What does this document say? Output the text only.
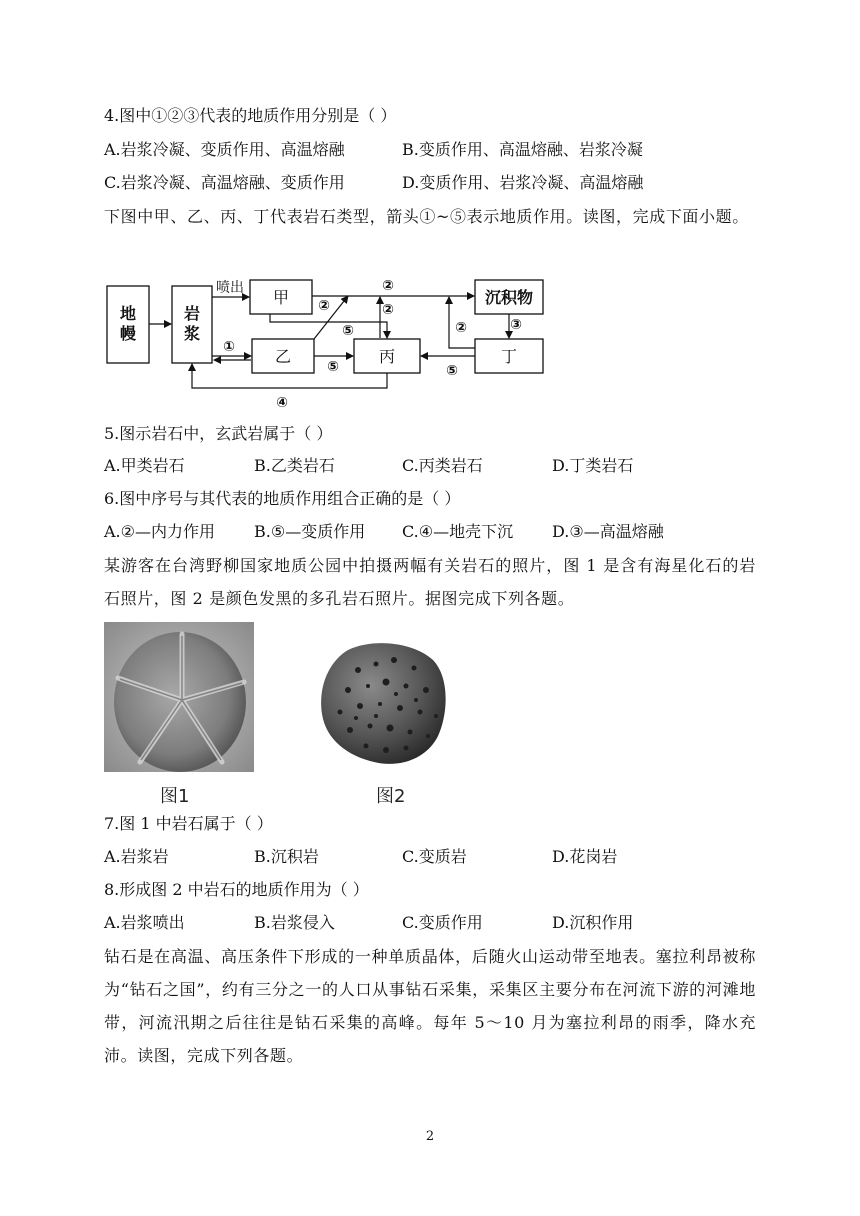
4.图中①②③代表的地质作用分别是（ ）
A.岩浆冷凝、变质作用、高温熔融	B.变质作用、高温熔融、岩浆冷凝
C.岩浆冷凝、高温熔融、变质作用	D.变质作用、岩浆冷凝、高温熔融
下图中甲、乙、丙、丁代表岩石类型，箭头①~⑤表示地质作用。读图，完成下面小题。
地
幔
岩
浆
甲
乙	丙	丁
沉积物
喷出
①
②
②
②
②	③
④
⑤
⑤	⑤
5.图示岩石中，玄武岩属于（ ）
A.甲类岩石	B.乙类岩石	C.丙类岩石	D.丁类岩石
6.图中序号与其代表的地质作用组合正确的是（ ）
A.②—内力作用 B.⑤—变质作用 C.④—地壳下沉 D.③—高温熔融
某游客在台湾野柳国家地质公园中拍摄两幅有关岩石的照片，图 1 是含有海星化石的岩石照片，图 2 是颜色发黑的多孔岩石照片。据图完成下列各题。
图1	图2
7.图 1 中岩石属于（ ）
A.岩浆岩	B.沉积岩	C.变质岩	D.花岗岩
8.形成图 2 中岩石的地质作用为（ ）
A.岩浆喷出	B.岩浆侵入	C.变质作用	D.沉积作用
钻石是在高温、高压条件下形成的一种单质晶体，后随火山运动带至地表。塞拉利昂被称为“钻石之国”，约有三分之一的人口从事钻石采集，采集区主要分布在河流下游的河滩地带，河流汛期之后往往是钻石采集的高峰。每年 5～10 月为塞拉利昂的雨季，降水充沛。读图，完成下列各题。
2
